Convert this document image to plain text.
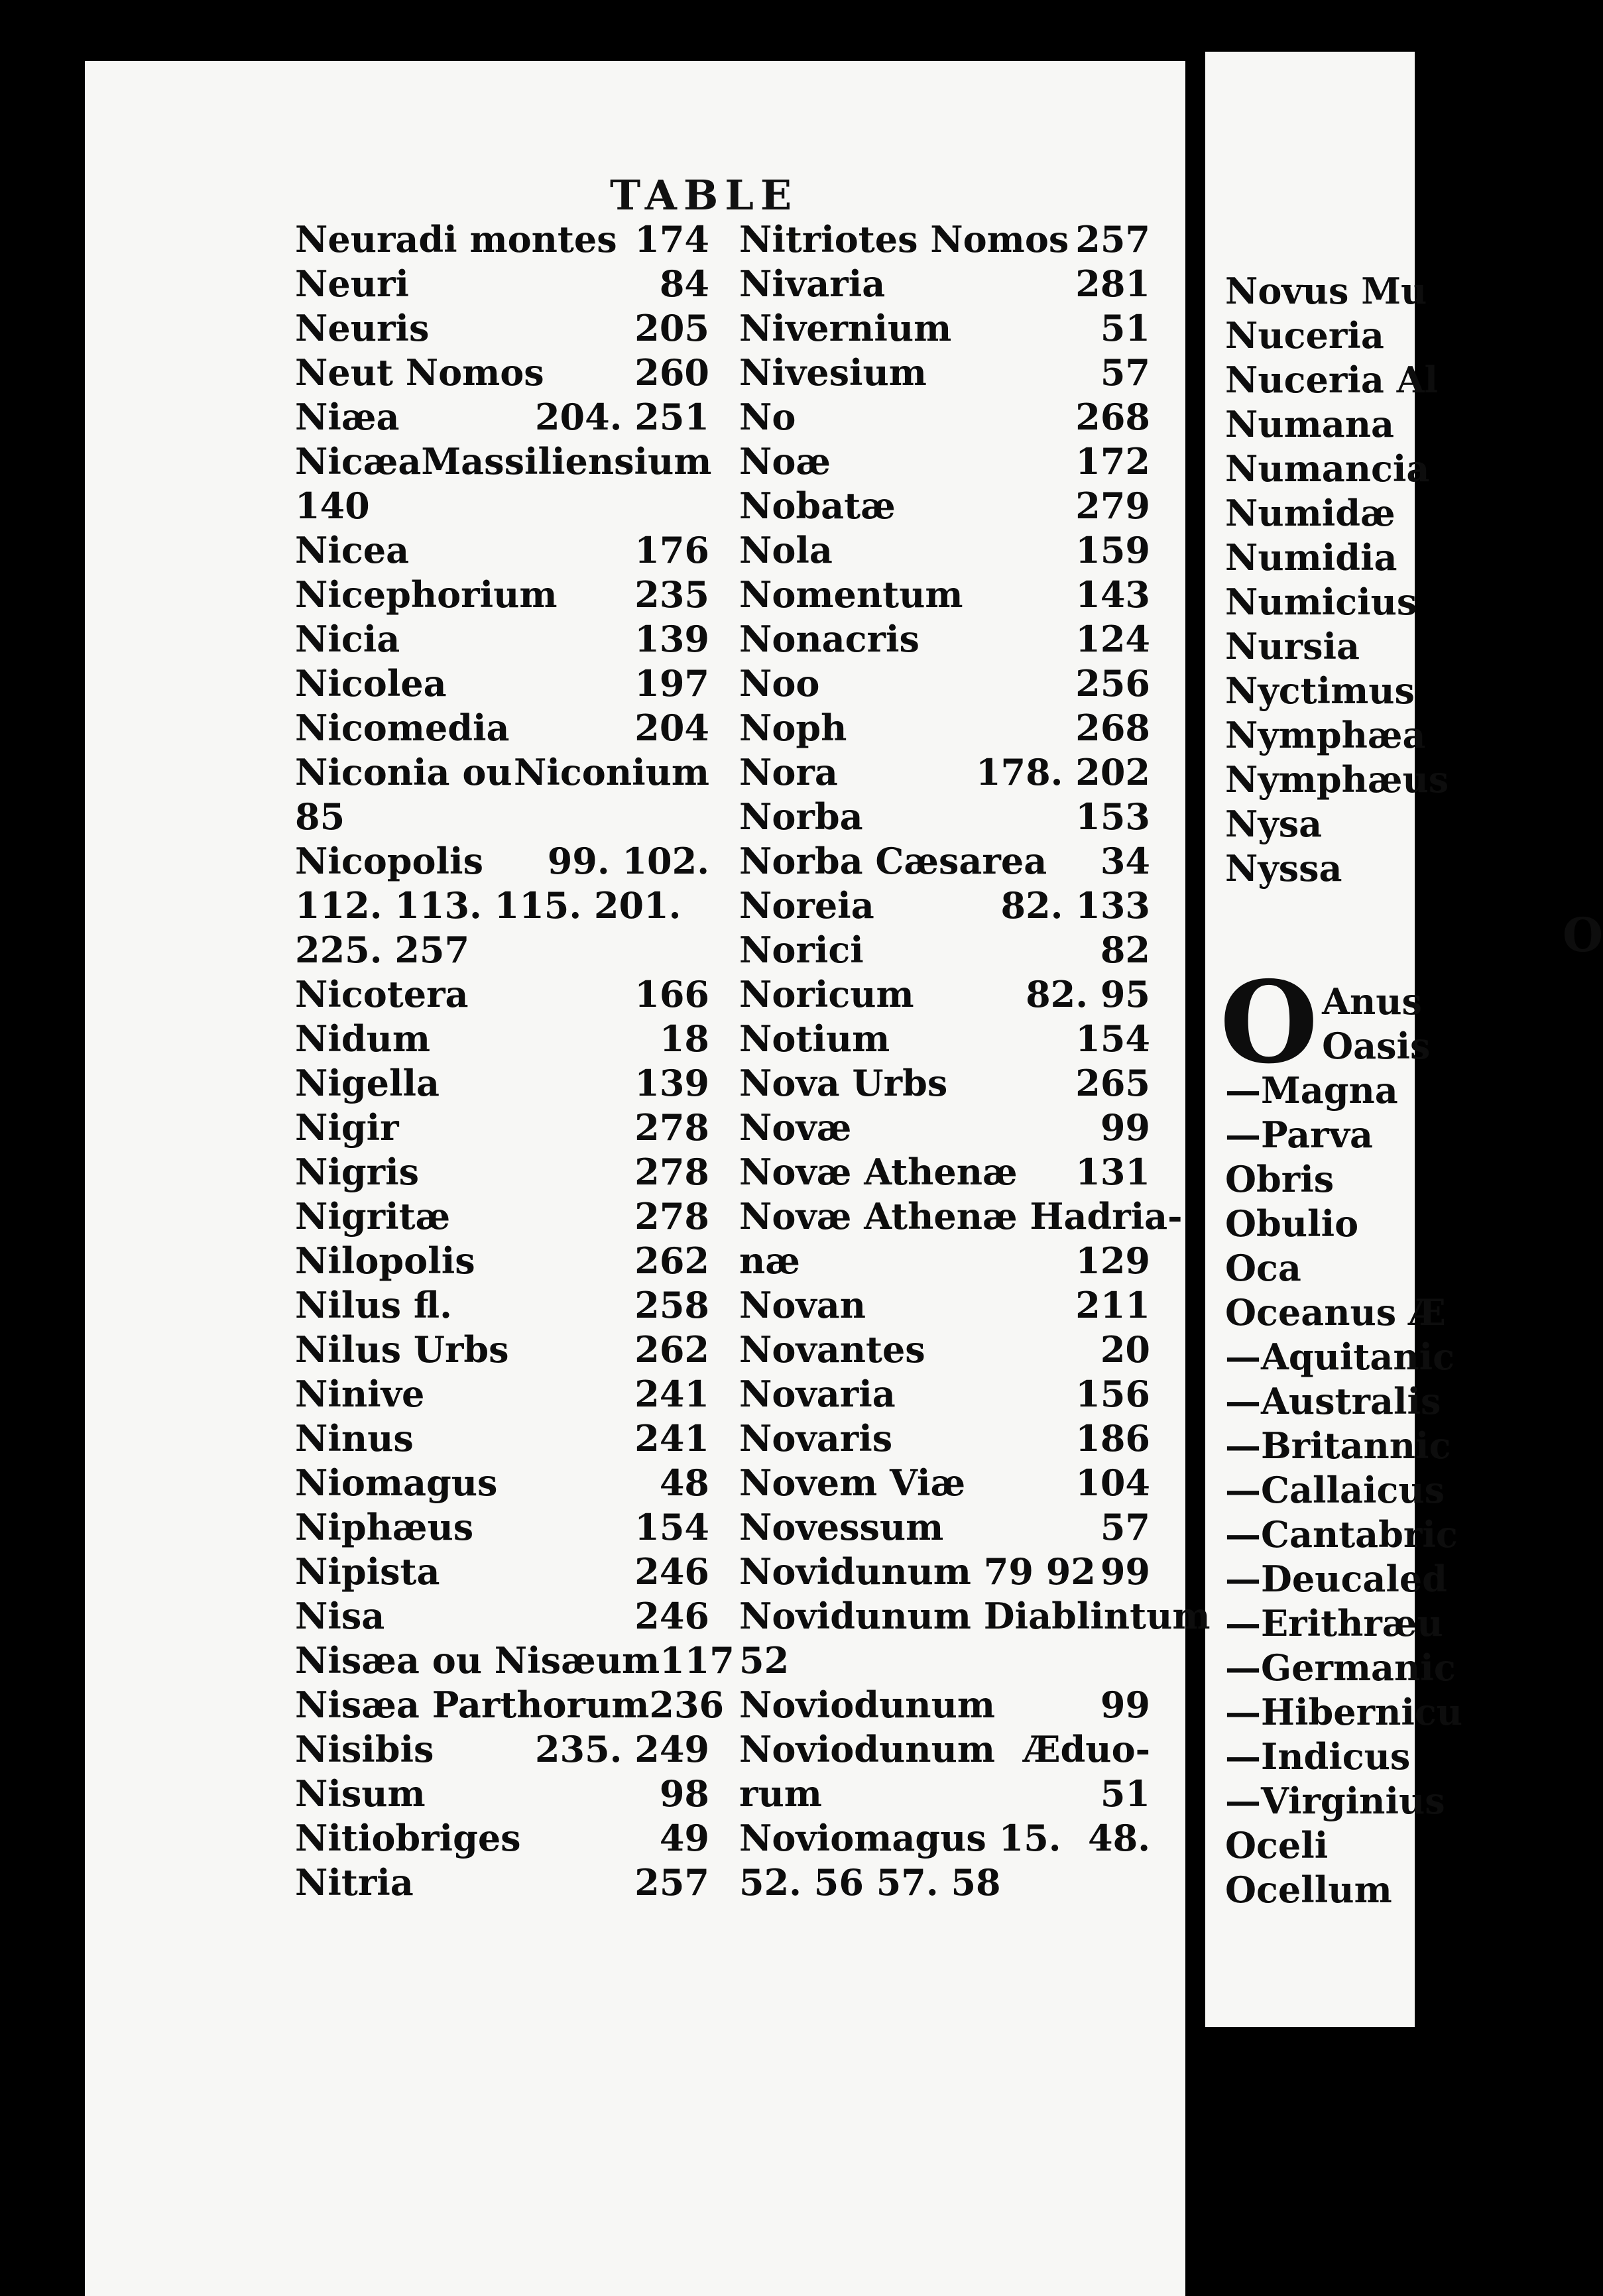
Novus Mu
Nuceria
Nuceria Al
Numana
Numancia
Numidæ
Numidia
Numicius
Nursia
Nyctimus
Nymphæa
Nymphæus
Nysa
Nyssa
O
O Anus
Oasis
—Magna
—Parva
Obris
Obulio
Oca
Oceanus Æ
—Aquitanic
—Australis
—Britannic
—Callaicus
—Cantabric
—Deucaled
—Erithræu
—Germanic
—Hibernicu
—Indicus
—Virginius
Oceli
Ocellum
TABLE
Neuradi montes 174
Neuri	84
Neuris	205
Neut Nomos	260
Niæa	204. 251
Nicæa Massiliensium
140
Nicea	176
Nicephorium 235
Nicia	139
Nicolea	197
Nicomedia	204
Niconia ou Niconium
85
Nicopolis 99. 102.
112. 113. 115. 201.
225. 257
Nicotera	166
Nidum	18
Nigella	139
Nigir	278
Nigris	278
Nigritæ	278
Nilopolis	262
Nilus fl.	258
Nilus Urbs	262
Ninive	241
Ninus	241
Niomagus	48
Niphæus	154
Nipista	246
Nisa	246
Nisæa ou Nisæum 117
Nisæa Parthorum 236
Nisibis	235. 249
Nisum	98
Nitiobriges	49
Nitria	257
Nitriotes Nomos 257
Nivaria	281
Nivernium	51
Nivesium	57
No	268
Noæ	172
Nobatæ	279
Nola	159
Nomentum	143
Nonacris	124
Noo	256
Noph	268
Nora	178. 202
Norba	153
Norba Cæsarea 34
Noreia	82. 133
Norici	82
Noricum	82. 95
Notium	154
Nova Urbs	265
Novæ	99
Novæ Athenæ 131
Novæ Athenæ Hadria-
næ	129
Novan	211
Novantes	20
Novaria	156
Novaris	186
Novem Viæ	104
Novessum	57
Novidunum 79 92 99
Novidunum Diablintum
52
Noviodunum	99
Noviodunum Æduo-
rum	51
Noviomagus 15. 48.
52. 56 57. 58
